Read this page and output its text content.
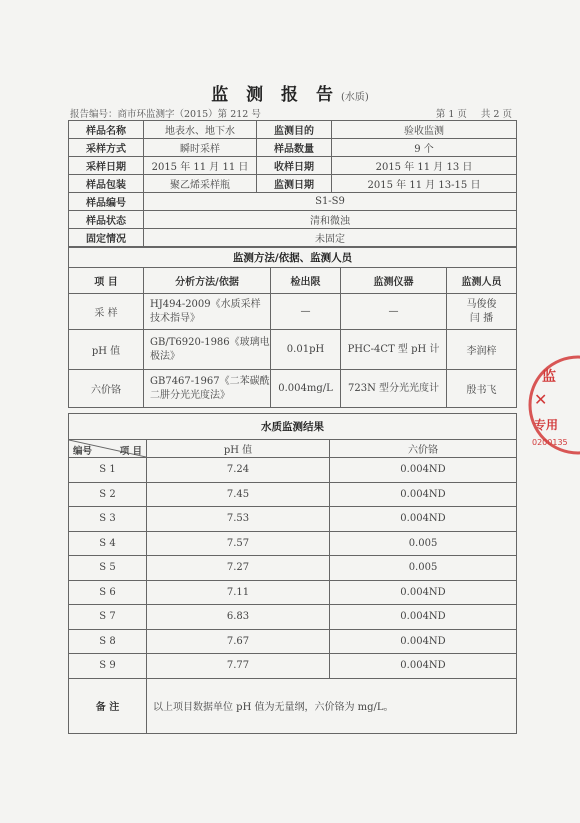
监 测 报 告 (水质)
报告编号：商市环监测字（2015）第 212 号	第 1 页 共 2 页
样品名称	地表水、地下水	监测目的	验收监测
采样方式	瞬时采样	样品数量	9 个
采样日期	2015 年 11 月 11 日	收样日期	2015 年 11 月 13 日
样品包装	聚乙烯采样瓶	监测日期	2015 年 11 月 13-15 日
样品编号	S1-S9		
样品状态	清和微浊		
固定情况	未固定		
监测方法/依据、监测人员				
项 目	分析方法/依据	检出限	监测仪器	监测人员
采 样	HJ494-2009《水质采样技术指导》	—	—	马俊俊
闫 播
pH 值	GB/T6920-1986《玻璃电极法》	0.01pH	PHC-4CT 型 pH 计	李润梓
六价铬	GB7467-1967《二苯碳酰二肼分光光度法》	0.004mg/L	723N 型分光光度计	殷书飞
水质监测结果		

编号 项 目	pH 值	六价铬
S 1	7.24	0.004ND
S 2	7.45	0.004ND
S 3	7.53	0.004ND
S 4	7.57	0.005
S 5	7.27	0.005
S 6	7.11	0.004ND
S 7	6.83	0.004ND
S 8	7.67	0.004ND
S 9	7.77	0.004ND
备 注	以上项目数据单位 pH 值为无量纲，六价铬为 mg/L。	
监
✕
专用
0200135
